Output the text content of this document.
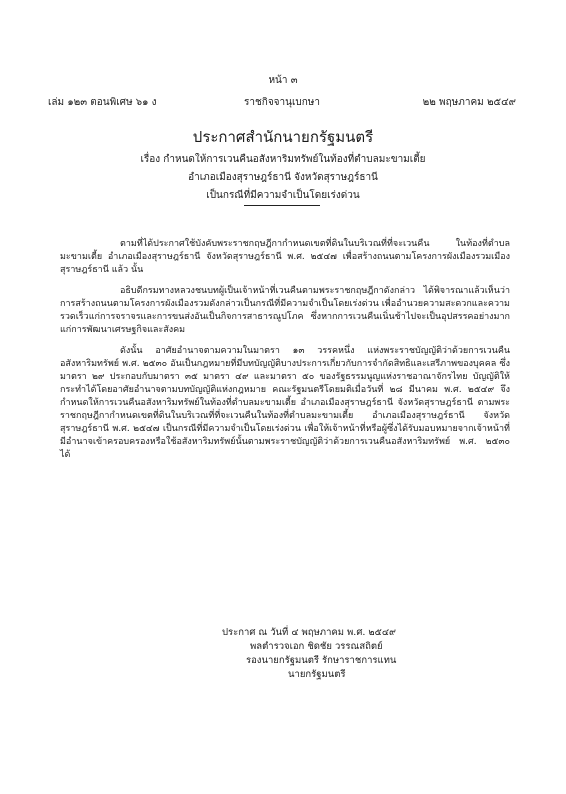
หน้า ๓
ราชกิจจานุเบกษา
เล่ม ๑๒๓ ตอนพิเศษ ๖๑ ง	๒๒ พฤษภาคม ๒๕๔๙
ประกาศสำนักนายกรัฐมนตรี
เรื่อง กำหนดให้การเวนคืนอสังหาริมทรัพย์ในท้องที่ตำบลมะขามเตี้ย
อำเภอเมืองสุราษฎร์ธานี จังหวัดสุราษฎร์ธานี
เป็นกรณีที่มีความจำเป็นโดยเร่งด่วน

ตามที่ได้ประกาศใช้บังคับพระราชกฤษฎีกากำหนดเขตที่ดินในบริเวณที่ที่จะเวนคืน ในท้องที่ตำบลมะขามเตี้ย อำเภอเมืองสุราษฎร์ธานี จังหวัดสุราษฎร์ธานี พ.ศ. ๒๕๔๗ เพื่อสร้างถนนตามโครงการผังเมืองรวมเมืองสุราษฎร์ธานี แล้ว นั้น

อธิบดีกรมทางหลวงชนบทผู้เป็นเจ้าหน้าที่เวนคืนตามพระราชกฤษฎีกาดังกล่าว ได้พิจารณาแล้วเห็นว่า การสร้างถนนตามโครงการผังเมืองรวมดังกล่าวเป็นกรณีที่มีความจำเป็นโดยเร่งด่วน เพื่ออำนวยความสะดวกและความรวดเร็วแก่การจราจรและการขนส่งอันเป็นกิจการสาธารณูปโภค ซึ่งหากการเวนคืนเนิ่นช้าไปจะเป็นอุปสรรคอย่างมากแก่การพัฒนาเศรษฐกิจและสังคม

ดังนั้น อาศัยอำนาจตามความในมาตรา ๑๓ วรรคหนึ่ง แห่งพระราชบัญญัติว่าด้วยการเวนคืนอสังหาริมทรัพย์ พ.ศ. ๒๕๓๐ อันเป็นกฎหมายที่มีบทบัญญัติบางประการเกี่ยวกับการจำกัดสิทธิและเสรีภาพของบุคคล ซึ่งมาตรา ๒๙ ประกอบกับมาตรา ๓๕ มาตรา ๔๙ และมาตรา ๕๐ ของรัฐธรรมนูญแห่งราชอาณาจักรไทย บัญญัติให้กระทำได้โดยอาศัยอำนาจตามบทบัญญัติแห่งกฎหมาย คณะรัฐมนตรีโดยมติเมื่อวันที่ ๒๘ มีนาคม พ.ศ. ๒๕๔๙ จึงกำหนดให้การเวนคืนอสังหาริมทรัพย์ในท้องที่ตำบลมะขามเตี้ย อำเภอเมืองสุราษฎร์ธานี จังหวัดสุราษฎร์ธานี ตามพระราชกฤษฎีกากำหนดเขตที่ดินในบริเวณที่ที่จะเวนคืนในท้องที่ตำบลมะขามเตี้ย อำเภอเมืองสุราษฎร์ธานี จังหวัดสุราษฎร์ธานี พ.ศ. ๒๕๔๗ เป็นกรณีที่มีความจำเป็นโดยเร่งด่วน เพื่อให้เจ้าหน้าที่หรือผู้ซึ่งได้รับมอบหมายจากเจ้าหน้าที่มีอำนาจเข้าครอบครองหรือใช้อสังหาริมทรัพย์นั้นตามพระราชบัญญัติว่าด้วยการเวนคืนอสังหาริมทรัพย์ พ.ศ. ๒๕๓๐ ได้

ประกาศ ณ วันที่ ๔ พฤษภาคม พ.ศ. ๒๕๔๙
พลตำรวจเอก ชิดชัย วรรณสถิตย์
รองนายกรัฐมนตรี รักษาราชการแทน
นายกรัฐมนตรี
